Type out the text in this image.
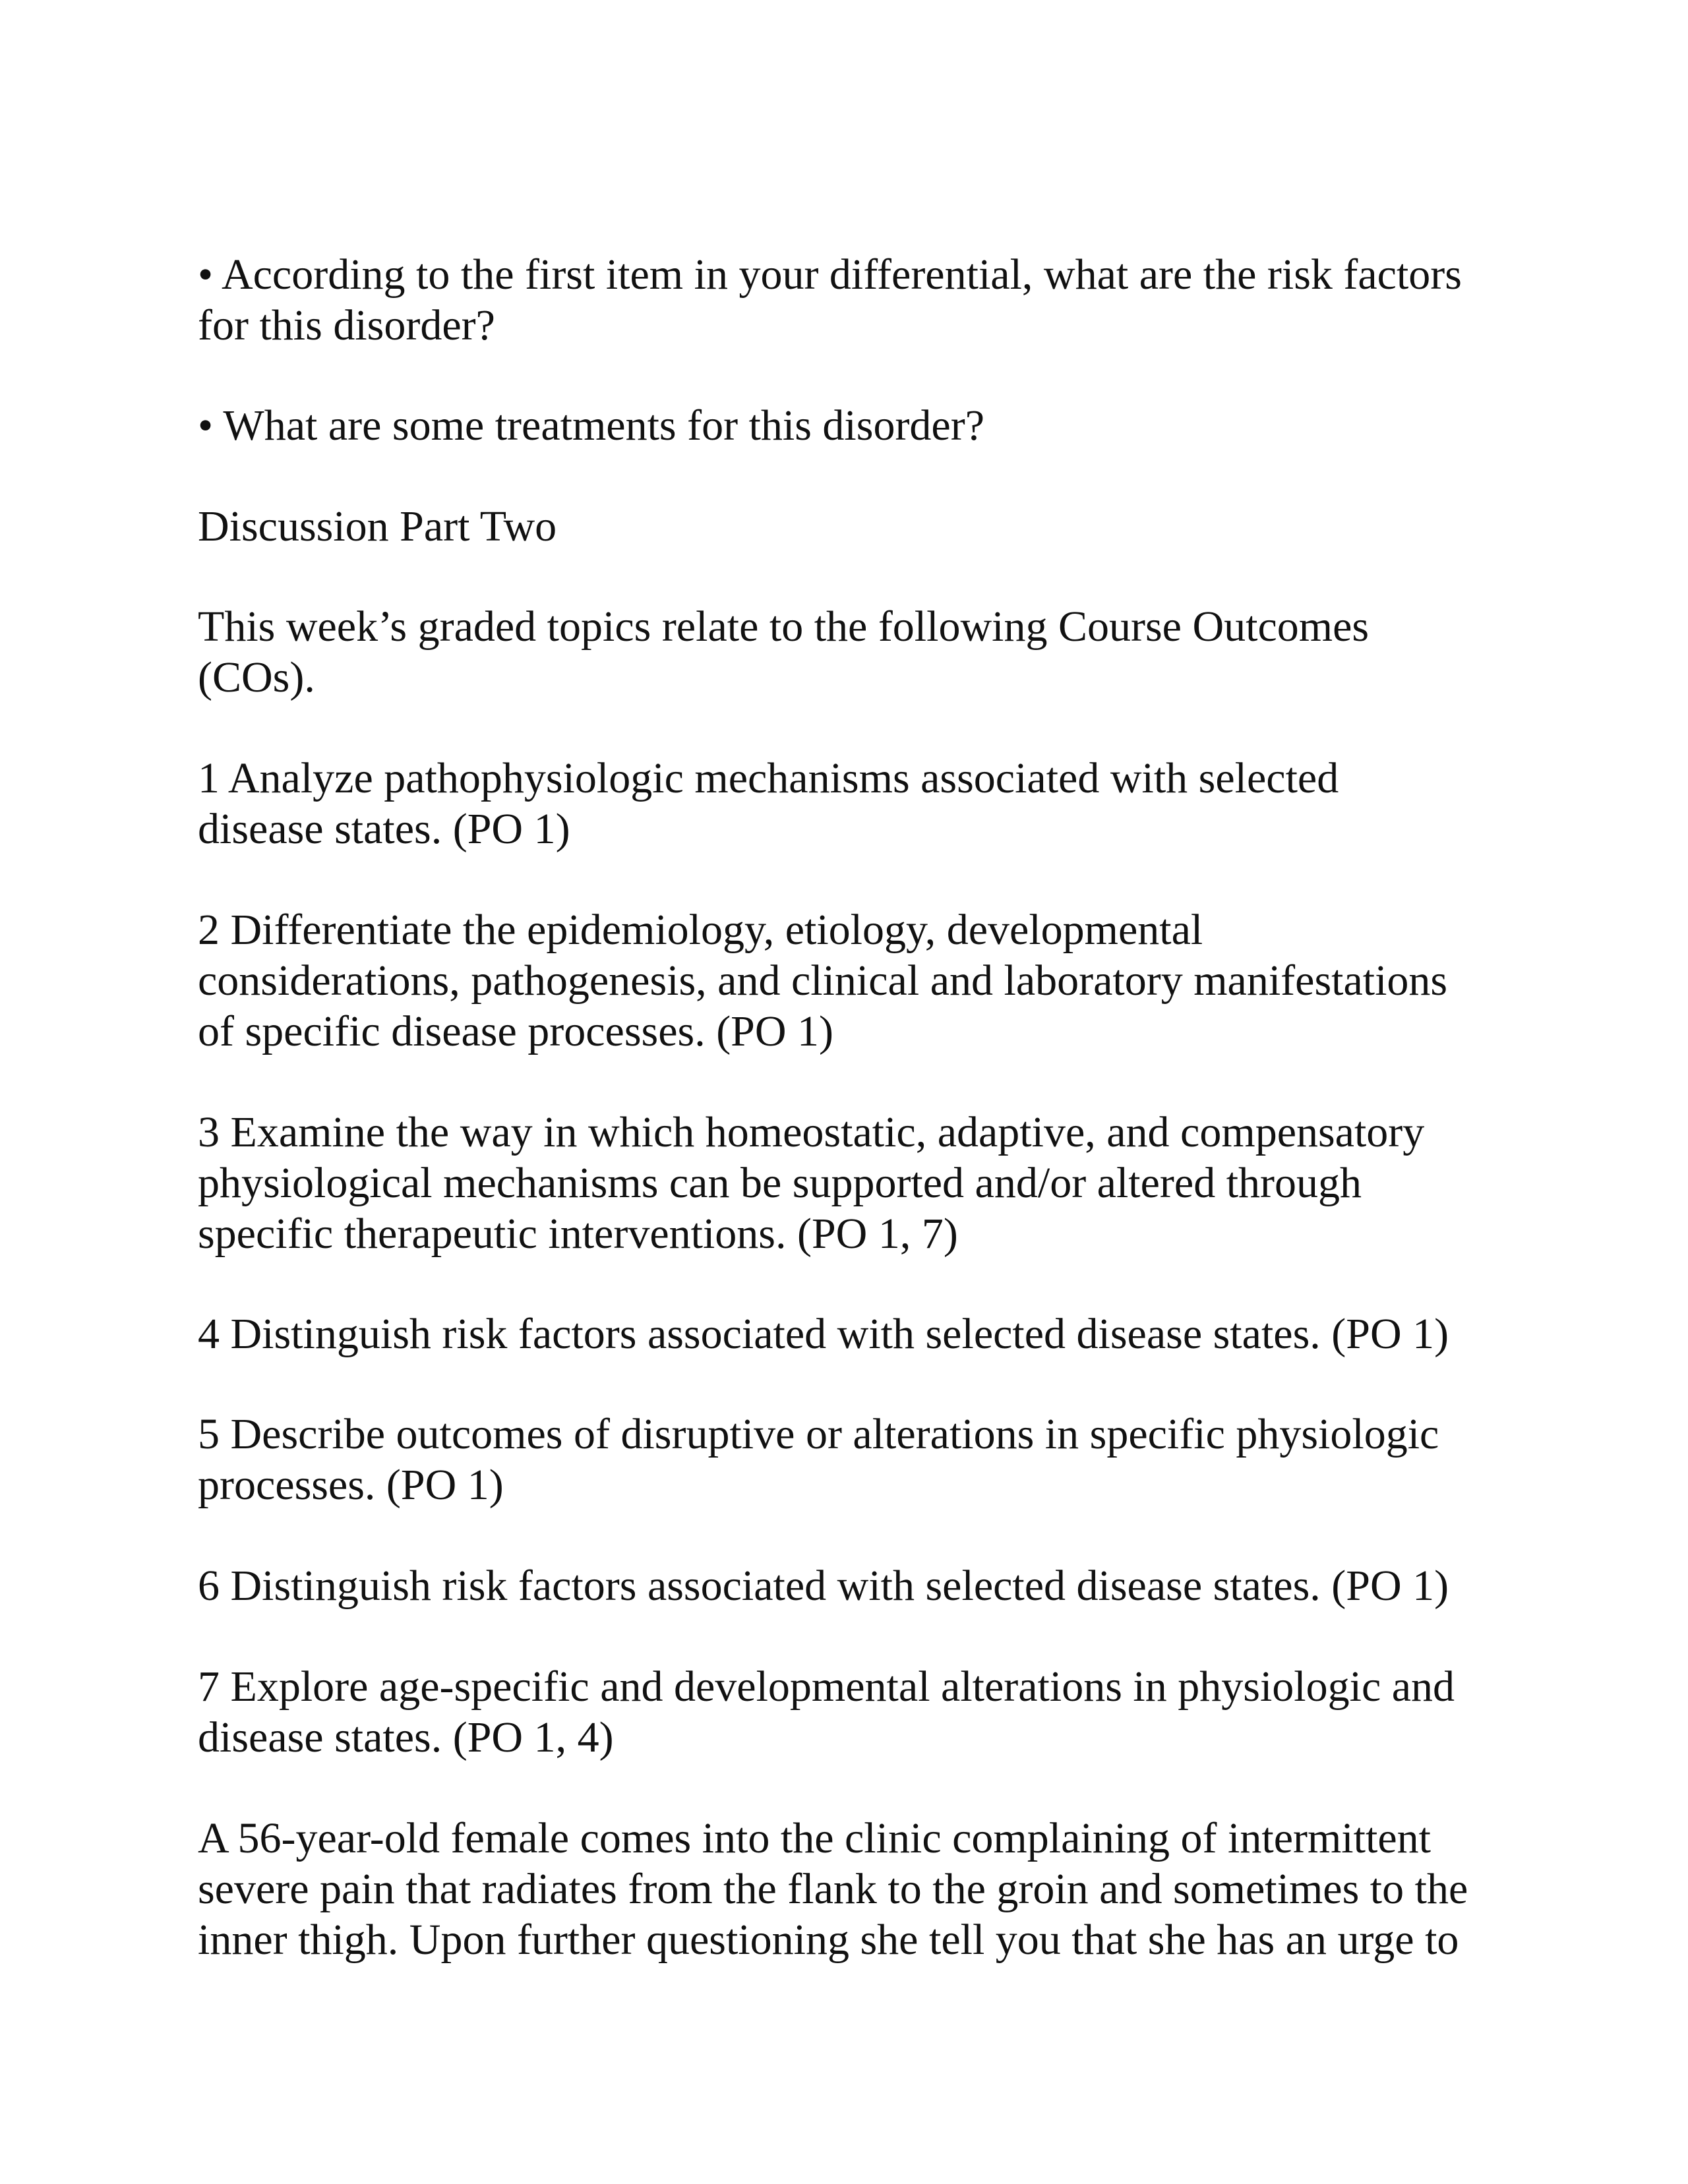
• According to the first item in your differential, what are the risk factors
for this disorder?

• What are some treatments for this disorder?

Discussion Part Two

This week’s graded topics relate to the following Course Outcomes
(COs).

1 Analyze pathophysiologic mechanisms associated with selected
disease states. (PO 1)

2 Differentiate the epidemiology, etiology, developmental
considerations, pathogenesis, and clinical and laboratory manifestations
of specific disease processes. (PO 1)

3 Examine the way in which homeostatic, adaptive, and compensatory
physiological mechanisms can be supported and/or altered through
specific therapeutic interventions. (PO 1, 7)

4 Distinguish risk factors associated with selected disease states. (PO 1)

5 Describe outcomes of disruptive or alterations in specific physiologic
processes. (PO 1)

6 Distinguish risk factors associated with selected disease states. (PO 1)

7 Explore age-specific and developmental alterations in physiologic and
disease states. (PO 1, 4)

A 56-year-old female comes into the clinic complaining of intermittent
severe pain that radiates from the flank to the groin and sometimes to the
inner thigh. Upon further questioning she tell you that she has an urge to
